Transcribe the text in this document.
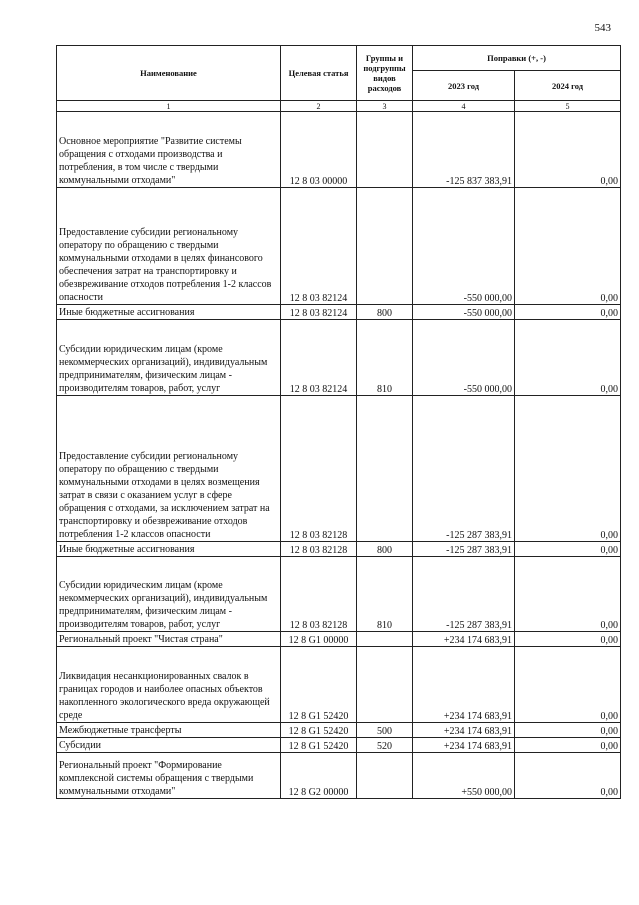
543
Наименование	Целевая статья	Группы и подгруппы видов расходов	Поправки (+, -)	
			2023 год	2024 год
1	2	3	4	5
Основное мероприятие "Развитие системы обращения с отходами производства и потребления, в том числе с твердыми коммунальными отходами"	12 8 03 00000		-125 837 383,91	0,00
Предоставление субсидии региональному оператору по обращению с твердыми коммунальными отходами в целях финансового обеспечения затрат на транспортировку и обезвреживание отходов потребления 1-2 классов опасности	12 8 03 82124		-550 000,00	0,00
Иные бюджетные ассигнования	12 8 03 82124	800	-550 000,00	0,00
Субсидии юридическим лицам (кроме некоммерческих организаций), индивидуальным предпринимателям, физическим лицам - производителям товаров, работ, услуг	12 8 03 82124	810	-550 000,00	0,00
Предоставление субсидии региональному оператору по обращению с твердыми коммунальными отходами в целях возмещения затрат в связи с оказанием услуг в сфере обращения с отходами, за исключением затрат на транспортировку и обезвреживание отходов потребления 1-2 классов опасности	12 8 03 82128		-125 287 383,91	0,00
Иные бюджетные ассигнования	12 8 03 82128	800	-125 287 383,91	0,00
Субсидии юридическим лицам (кроме некоммерческих организаций), индивидуальным предпринимателям, физическим лицам - производителям товаров, работ, услуг	12 8 03 82128	810	-125 287 383,91	0,00
Региональный проект "Чистая страна"	12 8 G1 00000		+234 174 683,91	0,00
Ликвидация несанкционированных свалок в границах городов и наиболее опасных объектов накопленного экологического вреда окружающей среде	12 8 G1 52420		+234 174 683,91	0,00
Межбюджетные трансферты	12 8 G1 52420	500	+234 174 683,91	0,00
Субсидии	12 8 G1 52420	520	+234 174 683,91	0,00
Региональный проект "Формирование комплексной системы обращения с твердыми коммунальными отходами"	12 8 G2 00000		+550 000,00	0,00
